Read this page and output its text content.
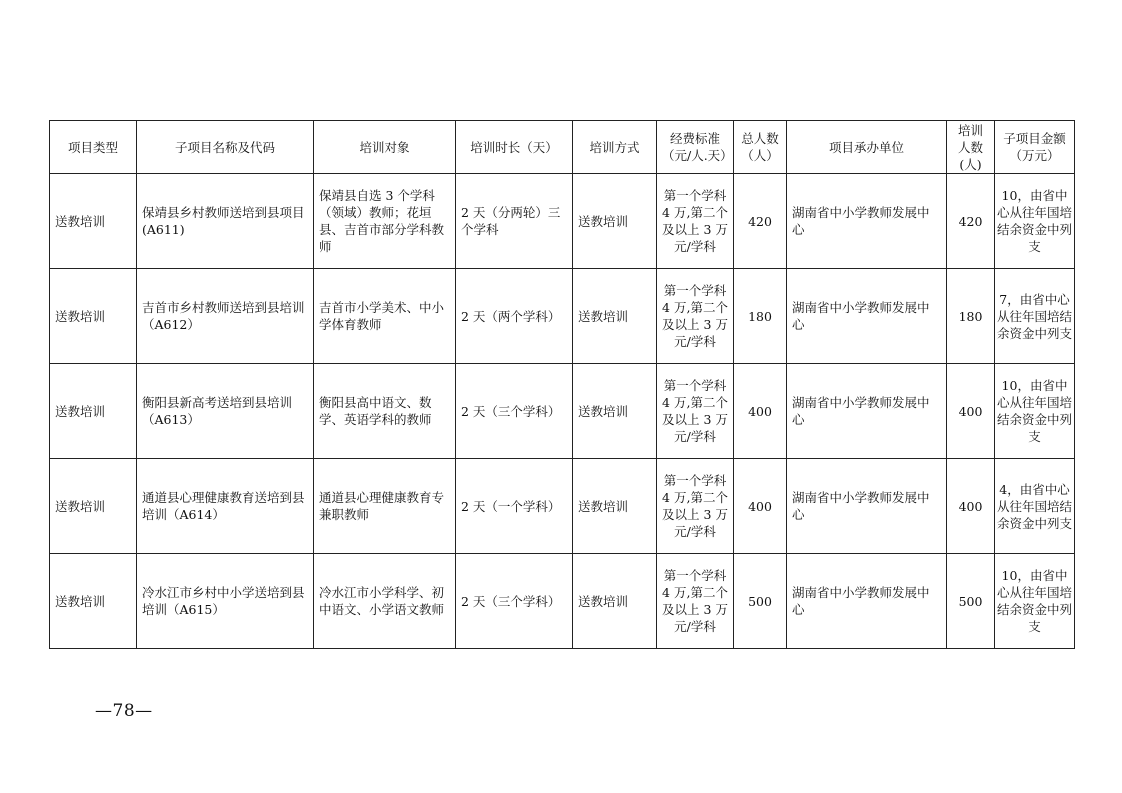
项目类型	子项目名称及代码	培训对象	培训时长（天）	培训方式	经费标准（元/人.天）	总人数（人）	项目承办单位	培训人数(人)	子项目金额（万元）
送教培训	保靖县乡村教师送培到县项目(A611)	保靖县自选 3 个学科（领域）教师；花垣县、吉首市部分学科教师	2 天（分两轮）三个学科	送教培训	第一个学科 4 万,第二个及以上 3 万元/学科	420	湖南省中小学教师发展中心	420	10，由省中心从往年国培结余资金中列支
送教培训	吉首市乡村教师送培到县培训（A612）	吉首市小学美术、中小学体育教师	2 天（两个学科）	送教培训	第一个学科 4 万,第二个及以上 3 万元/学科	180	湖南省中小学教师发展中心	180	7，由省中心从往年国培结余资金中列支
送教培训	衡阳县新高考送培到县培训（A613）	衡阳县高中语文、数学、英语学科的教师	2 天（三个学科）	送教培训	第一个学科 4 万,第二个及以上 3 万元/学科	400	湖南省中小学教师发展中心	400	10，由省中心从往年国培结余资金中列支
送教培训	通道县心理健康教育送培到县培训（A614）	通道县心理健康教育专兼职教师	2 天（一个学科）	送教培训	第一个学科 4 万,第二个及以上 3 万元/学科	400	湖南省中小学教师发展中心	400	4，由省中心从往年国培结余资金中列支
送教培训	冷水江市乡村中小学送培到县培训（A615）	冷水江市小学科学、初中语文、小学语文教师	2 天（三个学科）	送教培训	第一个学科 4 万,第二个及以上 3 万元/学科	500	湖南省中小学教师发展中心	500	10，由省中心从往年国培结余资金中列支
—78—
